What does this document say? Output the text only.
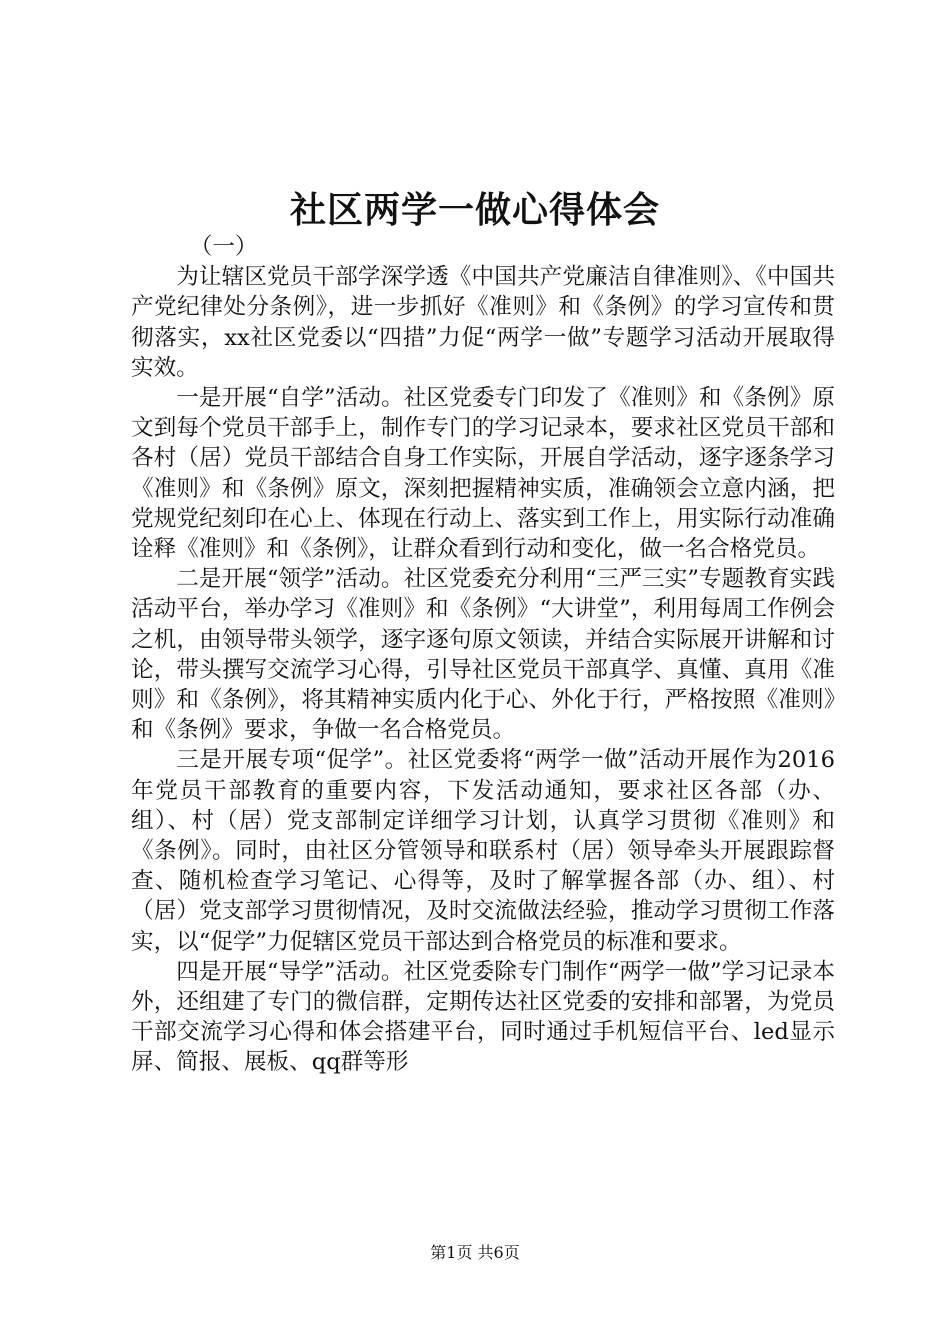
社区两学一做心得体会

（一）

为让辖区党员干部学深学透《中国共产党廉洁自律准则》、《中国共产党纪律处分条例》，进一步抓好《准则》和《条例》的学习宣传和贯彻落实，xx社区党委以“四措”力促“两学一做”专题学习活动开展取得实效。

一是开展“自学”活动。社区党委专门印发了《准则》和《条例》原文到每个党员干部手上，制作专门的学习记录本，要求社区党员干部和各村（居）党员干部结合自身工作实际，开展自学活动，逐字逐条学习《准则》和《条例》原文，深刻把握精神实质，准确领会立意内涵，把党规党纪刻印在心上、体现在行动上、落实到工作上，用实际行动准确诠释《准则》和《条例》，让群众看到行动和变化，做一名合格党员。

二是开展“领学”活动。社区党委充分利用“三严三实”专题教育实践活动平台，举办学习《准则》和《条例》“大讲堂”，利用每周工作例会之机，由领导带头领学，逐字逐句原文领读，并结合实际展开讲解和讨论，带头撰写交流学习心得，引导社区党员干部真学、真懂、真用《准则》和《条例》，将其精神实质内化于心、外化于行，严格按照《准则》和《条例》要求，争做一名合格党员。

三是开展专项“促学”。社区党委将“两学一做”活动开展作为2016年党员干部教育的重要内容，下发活动通知，要求社区各部（办、组）、村（居）党支部制定详细学习计划，认真学习贯彻《准则》和《条例》。同时，由社区分管领导和联系村（居）领导牵头开展跟踪督查、随机检查学习笔记、心得等，及时了解掌握各部（办、组）、村（居）党支部学习贯彻情况，及时交流做法经验，推动学习贯彻工作落实，以“促学”力促辖区党员干部达到合格党员的标准和要求。

四是开展“导学”活动。社区党委除专门制作“两学一做”学习记录本外，还组建了专门的微信群，定期传达社区党委的安排和部署，为党员干部交流学习心得和体会搭建平台，同时通过手机短信平台、led显示屏、简报、展板、qq群等形

第1页 共6页
